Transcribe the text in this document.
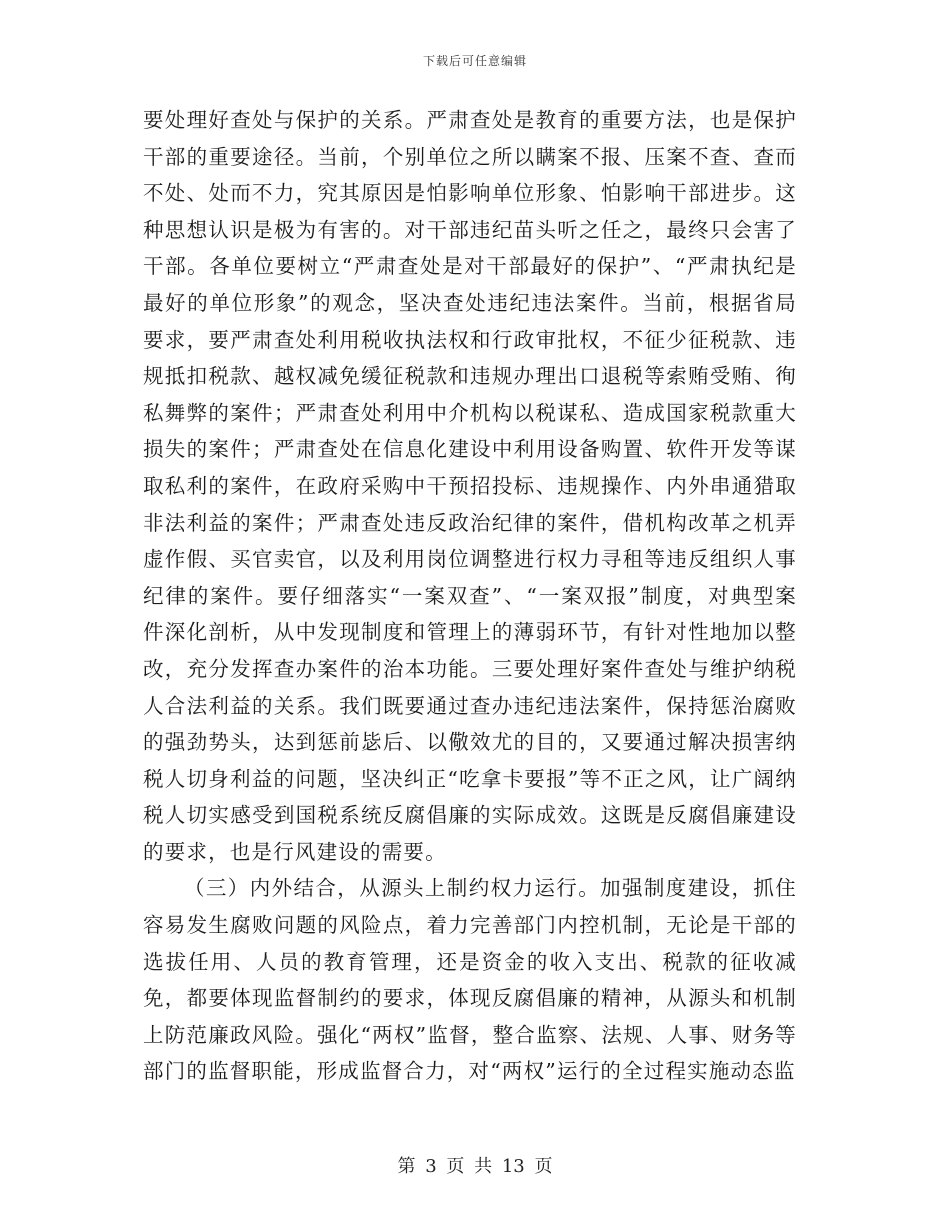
下载后可任意编辑

要处理好查处与保护的关系。严肃查处是教育的重要方法，也是保护干部的重要途径。当前，个别单位之所以瞒案不报、压案不查、查而不处、处而不力，究其原因是怕影响单位形象、怕影响干部进步。这种思想认识是极为有害的。对干部违纪苗头听之任之，最终只会害了干部。各单位要树立“严肃查处是对干部最好的保护”、“严肃执纪是最好的单位形象”的观念，坚决查处违纪违法案件。当前，根据省局要求，要严肃查处利用税收执法权和行政审批权，不征少征税款、违规抵扣税款、越权减免缓征税款和违规办理出口退税等索贿受贿、徇私舞弊的案件；严肃查处利用中介机构以税谋私、造成国家税款重大损失的案件；严肃查处在信息化建设中利用设备购置、软件开发等谋取私利的案件，在政府采购中干预招投标、违规操作、内外串通猎取非法利益的案件；严肃查处违反政治纪律的案件，借机构改革之机弄虚作假、买官卖官，以及利用岗位调整进行权力寻租等违反组织人事纪律的案件。要仔细落实“一案双查”、“一案双报”制度，对典型案件深化剖析，从中发现制度和管理上的薄弱环节，有针对性地加以整改，充分发挥查办案件的治本功能。三要处理好案件查处与维护纳税人合法利益的关系。我们既要通过查办违纪违法案件，保持惩治腐败的强劲势头，达到惩前毖后、以儆效尤的目的，又要通过解决损害纳税人切身利益的问题，坚决纠正“吃拿卡要报”等不正之风，让广阔纳税人切实感受到国税系统反腐倡廉的实际成效。这既是反腐倡廉建设的要求，也是行风建设的需要。

（三）内外结合，从源头上制约权力运行。加强制度建设，抓住容易发生腐败问题的风险点，着力完善部门内控机制，无论是干部的选拔任用、人员的教育管理，还是资金的收入支出、税款的征收减免，都要体现监督制约的要求，体现反腐倡廉的精神，从源头和机制上防范廉政风险。强化“两权”监督，整合监察、法规、人事、财务等部门的监督职能，形成监督合力，对“两权”运行的全过程实施动态监

第 3 页 共 13 页
